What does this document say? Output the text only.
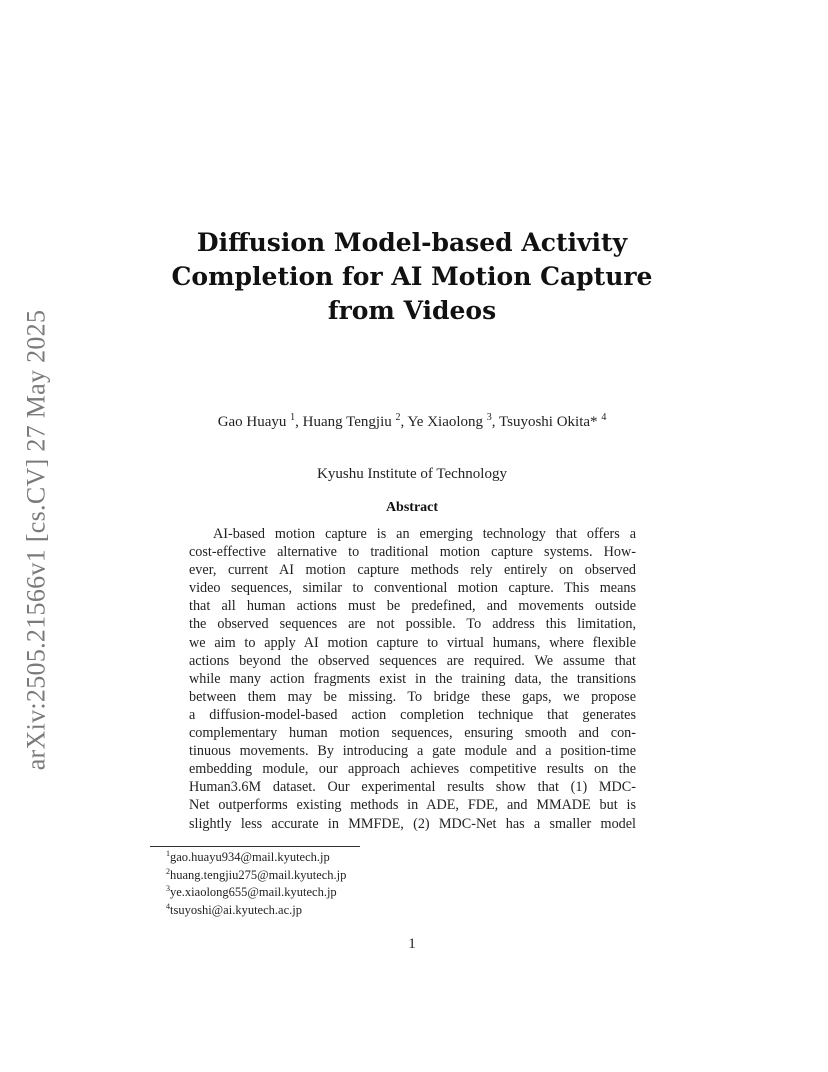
arXiv:2505.21566v1 [cs.CV] 27 May 2025
Diffusion Model-based Activity
Completion for AI Motion Capture
from Videos
Gao Huayu $^1$, Huang Tengjiu $^2$, Ye Xiaolong $^3$, Tsuyoshi Okita* $^4$
Kyushu Institute of Technology
Abstract
AI-based motion capture is an emerging technology that offers a
cost-effective alternative to traditional motion capture systems. How-
ever, current AI motion capture methods rely entirely on observed
video sequences, similar to conventional motion capture. This means
that all human actions must be predefined, and movements outside
the observed sequences are not possible. To address this limitation,
we aim to apply AI motion capture to virtual humans, where flexible
actions beyond the observed sequences are required. We assume that
while many action fragments exist in the training data, the transitions
between them may be missing. To bridge these gaps, we propose
a diffusion-model-based action completion technique that generates
complementary human motion sequences, ensuring smooth and con-
tinuous movements. By introducing a gate module and a position-time
embedding module, our approach achieves competitive results on the
Human3.6M dataset. Our experimental results show that (1) MDC-
Net outperforms existing methods in ADE, FDE, and MMADE but is
slightly less accurate in MMFDE, (2) MDC-Net has a smaller model
$^1$gao.huayu934@mail.kyutech.jp
$^2$huang.tengjiu275@mail.kyutech.jp
$^3$ye.xiaolong655@mail.kyutech.jp
$^4$tsuyoshi@ai.kyutech.ac.jp
1
